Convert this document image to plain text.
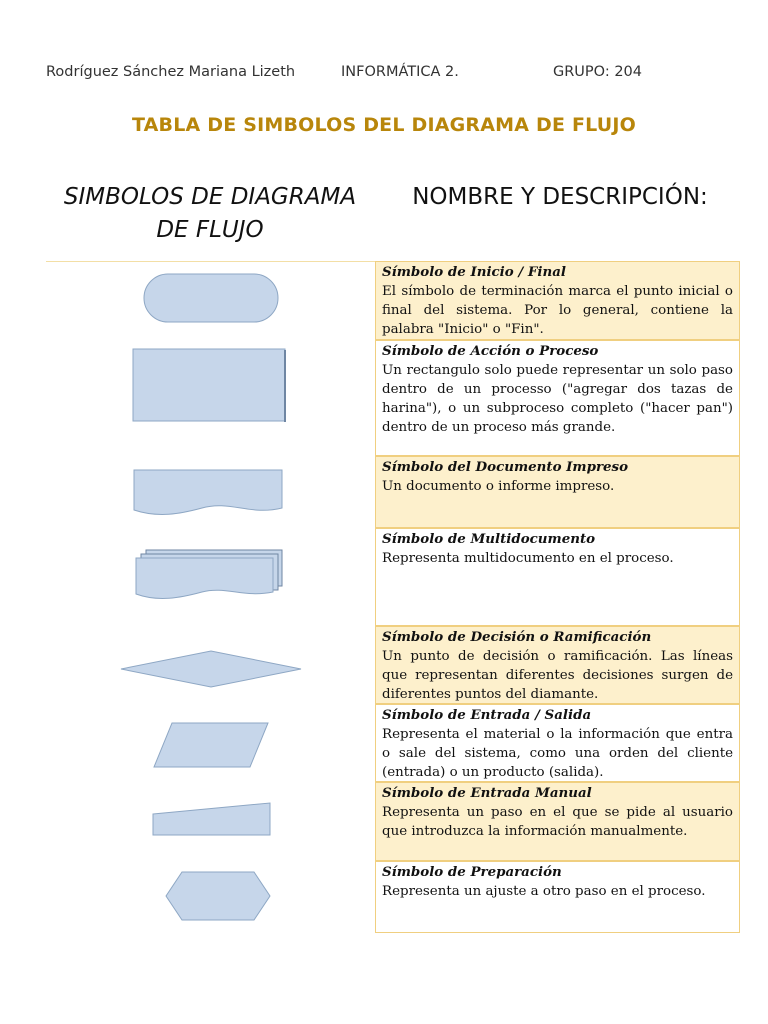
Rodríguez Sánchez Mariana Lizeth	INFORMÁTICA 2.	GRUPO: 204
TABLA DE SIMBOLOS DEL DIAGRAMA DE FLUJO
SIMBOLOS DE DIAGRAMA
DE FLUJO
NOMBRE Y DESCRIPCIÓN:
Símbolo de Inicio / Final
El símbolo de terminación marca el punto inicial o final del sistema. Por lo general, contiene la palabra "Inicio" o "Fin".
Símbolo de Acción o Proceso
Un rectangulo solo puede representar un solo paso dentro de un processo ("agregar dos tazas de harina"), o un subproceso completo ("hacer pan") dentro de un proceso más grande.
Símbolo del Documento Impreso
Un documento o informe impreso.
Símbolo de Multidocumento
Representa multidocumento en el proceso.
Símbolo de Decisión o Ramificación
Un punto de decisión o ramificación. Las líneas que representan diferentes decisiones surgen de diferentes puntos del diamante.
Símbolo de Entrada / Salida
Representa el material o la información que entra o sale del sistema, como una orden del cliente (entrada) o un producto (salida).
Símbolo de Entrada Manual
Representa un paso en el que se pide al usuario que introduzca la información manualmente.
Símbolo de Preparación
Representa un ajuste a otro paso en el proceso.
